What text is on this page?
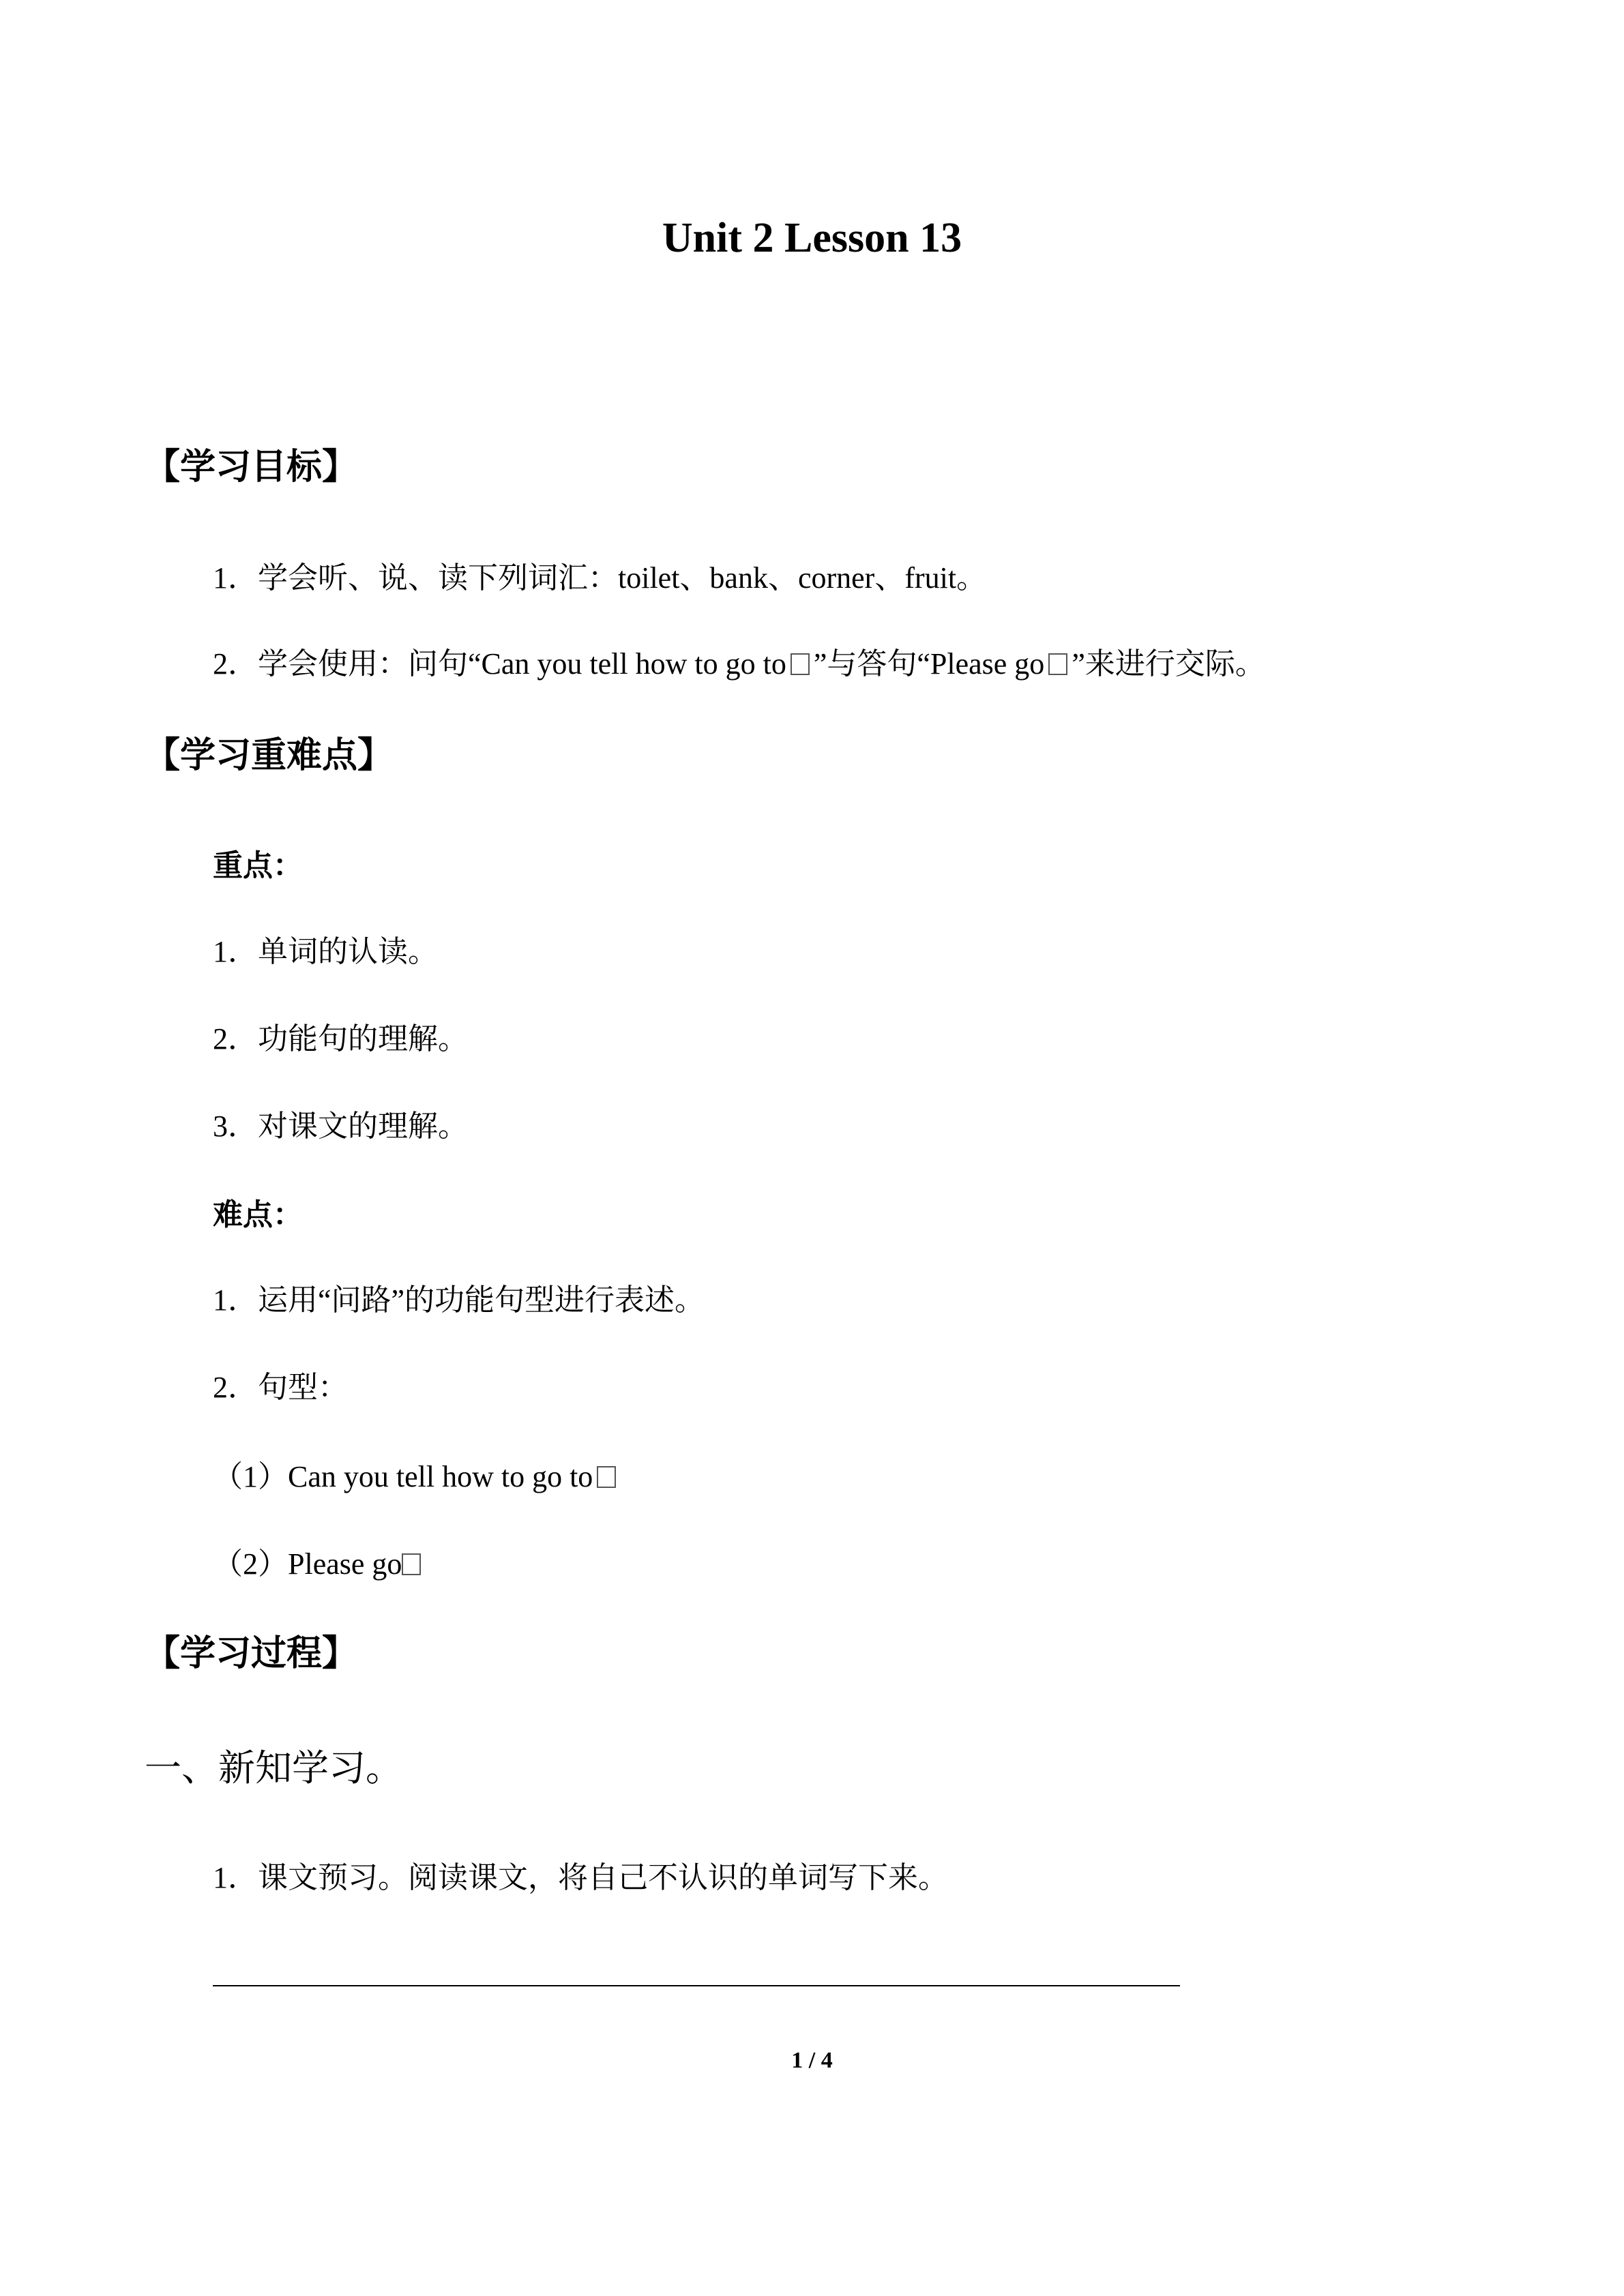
Unit 2 Lesson 13
【学习目标】
1．学会听、说、读下列词汇：toilet、bank、corner、fruit。
2．学会使用：问句“Can you tell how to go to ”与答句“Please go ”来进行交际。
【学习重难点】
重点：
1．单词的认读。
2．功能句的理解。
3．对课文的理解。
难点：
1．运用“问路”的功能句型进行表述。
2．句型：
（1）Can you tell how to go to
（2）Please go
【学习过程】
一、新知学习。
1．课文预习。阅读课文，将自己不认识的单词写下来。
1 / 4
